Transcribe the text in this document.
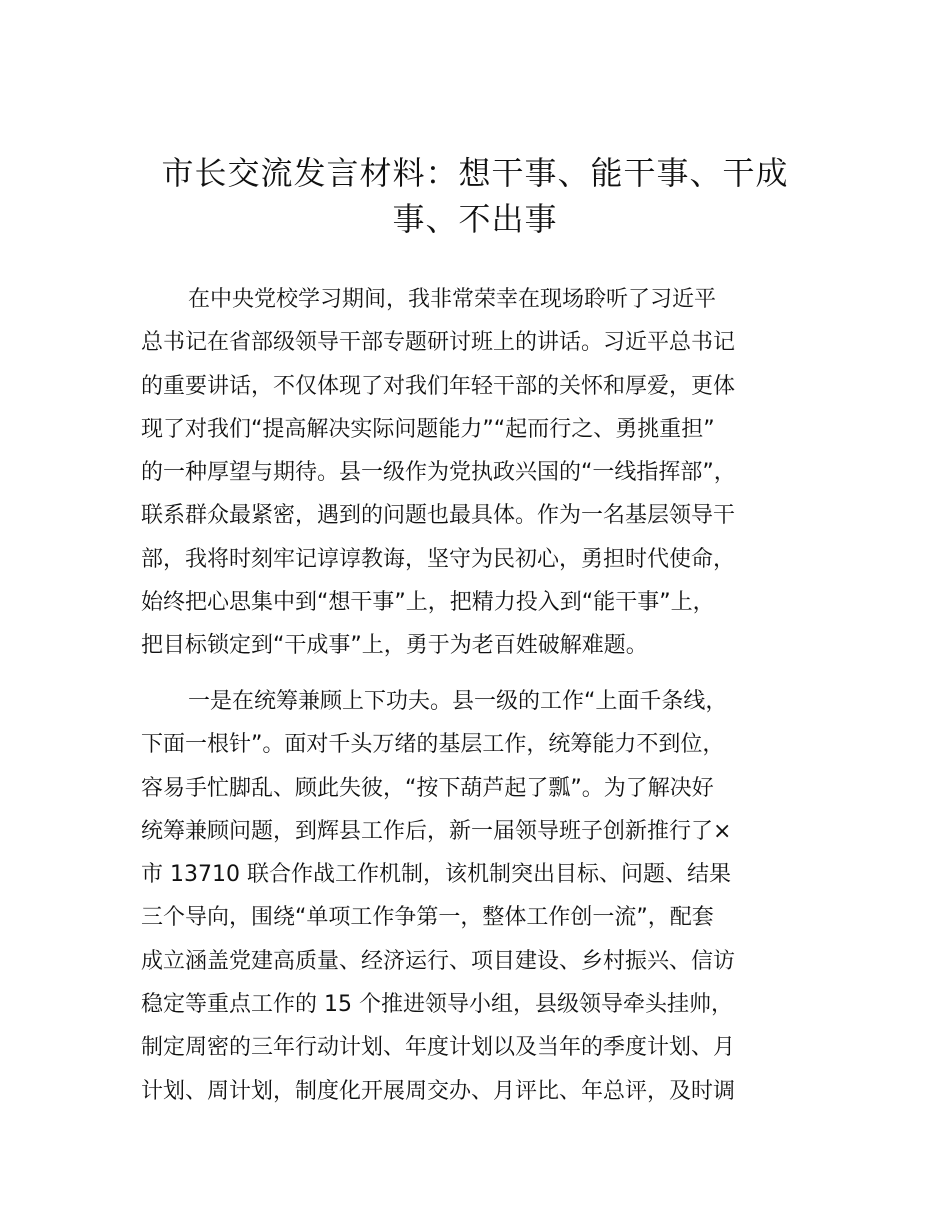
市长交流发言材料：想干事、能干事、干成
事、不出事
在中央党校学习期间，我非常荣幸在现场聆听了习近平
总书记在省部级领导干部专题研讨班上的讲话。习近平总书记
的重要讲话，不仅体现了对我们年轻干部的关怀和厚爱，更体
现了对我们“提高解决实际问题能力”“起而行之、勇挑重担”
的一种厚望与期待。县一级作为党执政兴国的“一线指挥部”，
联系群众最紧密，遇到的问题也最具体。作为一名基层领导干
部，我将时刻牢记谆谆教诲，坚守为民初心，勇担时代使命，
始终把心思集中到“想干事”上，把精力投入到“能干事”上，
把目标锁定到“干成事”上，勇于为老百姓破解难题。
一是在统筹兼顾上下功夫。县一级的工作“上面千条线，
下面一根针”。面对千头万绪的基层工作，统筹能力不到位，
容易手忙脚乱、顾此失彼，“按下葫芦起了瓢”。为了解决好
统筹兼顾问题，到辉县工作后，新一届领导班子创新推行了×
市 13710 联合作战工作机制，该机制突出目标、问题、结果
三个导向，围绕“单项工作争第一，整体工作创一流”，配套
成立涵盖党建高质量、经济运行、项目建设、乡村振兴、信访
稳定等重点工作的 15 个推进领导小组，县级领导牵头挂帅，
制定周密的三年行动计划、年度计划以及当年的季度计划、月
计划、周计划，制度化开展周交办、月评比、年总评，及时调
